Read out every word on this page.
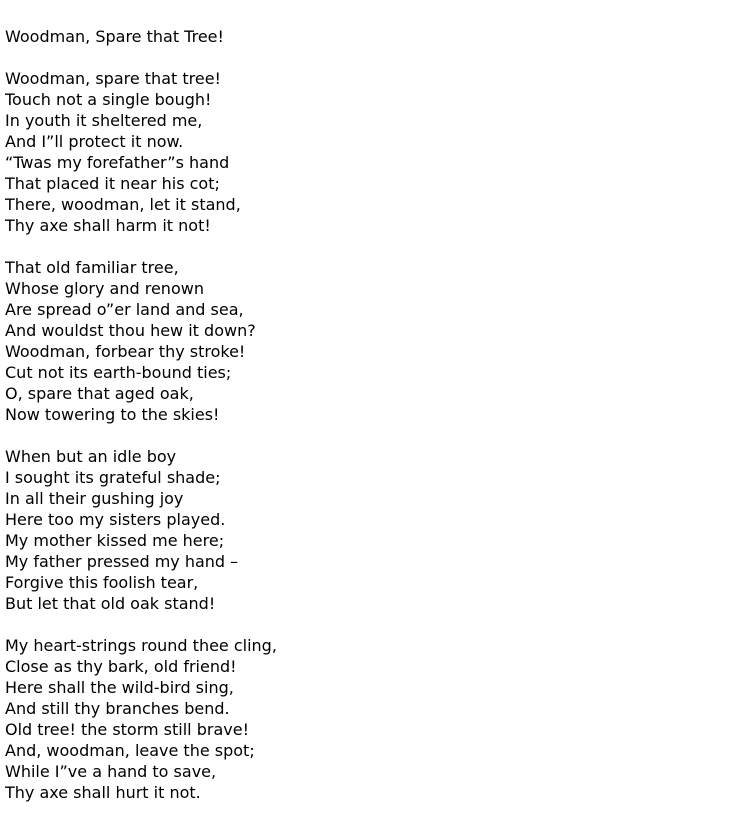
Woodman, Spare that Tree!
Woodman, spare that tree!
Touch not a single bough!
In youth it sheltered me,
And I”ll protect it now.
“Twas my forefather”s hand
That placed it near his cot;
There, woodman, let it stand,
Thy axe shall harm it not!
That old familiar tree,
Whose glory and renown
Are spread o”er land and sea,
And wouldst thou hew it down?
Woodman, forbear thy stroke!
Cut not its earth-bound ties;
O, spare that aged oak,
Now towering to the skies!
When but an idle boy
I sought its grateful shade;
In all their gushing joy
Here too my sisters played.
My mother kissed me here;
My father pressed my hand –
Forgive this foolish tear,
But let that old oak stand!
My heart-strings round thee cling,
Close as thy bark, old friend!
Here shall the wild-bird sing,
And still thy branches bend.
Old tree! the storm still brave!
And, woodman, leave the spot;
While I”ve a hand to save,
Thy axe shall hurt it not.
